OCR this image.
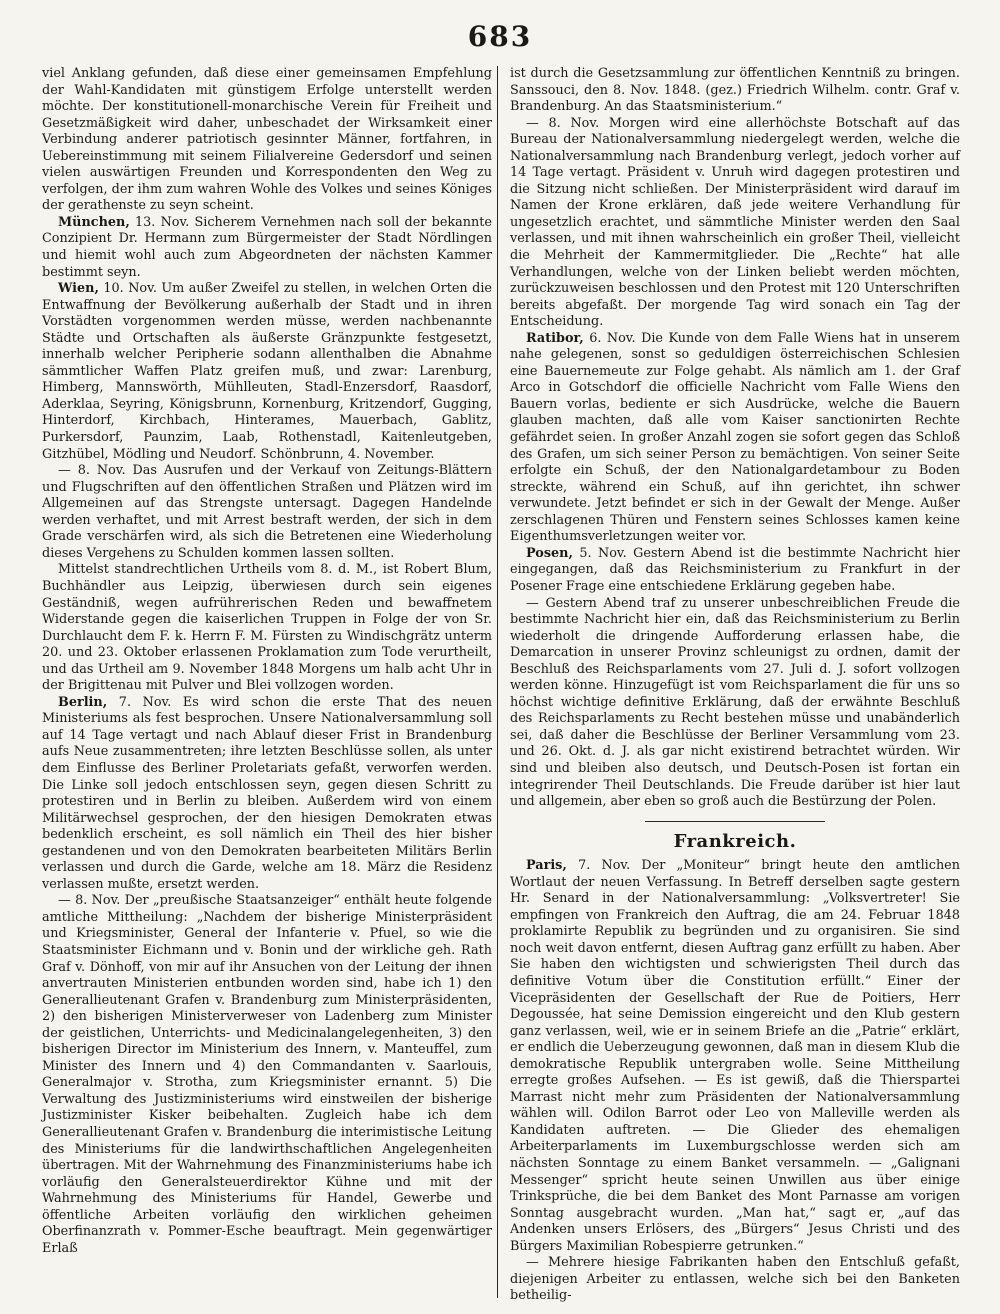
683

viel Anklang gefunden, daß diese einer gemeinsamen Empfehlung der Wahl-Kandidaten mit günstigem Erfolge unterstellt werden möchte. Der konstitutionell-monarchische Verein für Freiheit und Gesetzmäßigkeit wird daher, unbeschadet der Wirksamkeit einer Verbindung anderer patriotisch gesinnter Männer, fortfahren, in Uebereinstimmung mit seinem Filialvereine Gedersdorf und seinen vielen auswärtigen Freunden und Korrespondenten den Weg zu verfolgen, der ihm zum wahren Wohle des Volkes und seines Königes der gerathenste zu seyn scheint.

München, 13. Nov. Sicherem Vernehmen nach soll der bekannte Conzipient Dr. Hermann zum Bürgermeister der Stadt Nördlingen und hiemit wohl auch zum Abgeordneten der nächsten Kammer bestimmt seyn.

Wien, 10. Nov. Um außer Zweifel zu stellen, in welchen Orten die Entwaffnung der Bevölkerung außerhalb der Stadt und in ihren Vorstädten vorgenommen werden müsse, werden nachbenannte Städte und Ortschaften als äußerste Gränzpunkte festgesetzt, innerhalb welcher Peripherie sodann allenthalben die Abnahme sämmtlicher Waffen Platz greifen muß, und zwar: Larenburg, Himberg, Mannswörth, Mühlleuten, Stadl-Enzersdorf, Raasdorf, Aderklaa, Seyring, Königsbrunn, Kornenburg, Kritzendorf, Gugging, Hinterdorf, Kirchbach, Hinterames, Mauerbach, Gablitz, Purkersdorf, Paunzim, Laab, Rothenstadl, Kaitenleutgeben, Gitzhübel, Mödling und Neudorf. Schönbrunn, 4. November.

— 8. Nov. Das Ausrufen und der Verkauf von Zeitungs-Blättern und Flugschriften auf den öffentlichen Straßen und Plätzen wird im Allgemeinen auf das Strengste untersagt. Dagegen Handelnde werden verhaftet, und mit Arrest bestraft werden, der sich in dem Grade verschärfen wird, als sich die Betretenen eine Wiederholung dieses Vergehens zu Schulden kommen lassen sollten.

Mittelst standrechtlichen Urtheils vom 8. d. M., ist Robert Blum, Buchhändler aus Leipzig, überwiesen durch sein eigenes Geständniß, wegen aufrührerischen Reden und bewaffnetem Widerstande gegen die kaiserlichen Truppen in Folge der von Sr. Durchlaucht dem F. k. Herrn F. M. Fürsten zu Windischgrätz unterm 20. und 23. Oktober erlassenen Proklamation zum Tode verurtheilt, und das Urtheil am 9. November 1848 Morgens um halb acht Uhr in der Brigittenau mit Pulver und Blei vollzogen worden.

Berlin, 7. Nov. Es wird schon die erste That des neuen Ministeriums als fest besprochen. Unsere Nationalversammlung soll auf 14 Tage vertagt und nach Ablauf dieser Frist in Brandenburg aufs Neue zusammentreten; ihre letzten Beschlüsse sollen, als unter dem Einflusse des Berliner Proletariats gefaßt, verworfen werden. Die Linke soll jedoch entschlossen seyn, gegen diesen Schritt zu protestiren und in Berlin zu bleiben. Außerdem wird von einem Militärwechsel gesprochen, der den hiesigen Demokraten etwas bedenklich erscheint, es soll nämlich ein Theil des hier bisher gestandenen und von den Demokraten bearbeiteten Militärs Berlin verlassen und durch die Garde, welche am 18. März die Residenz verlassen mußte, ersetzt werden.

— 8. Nov. Der „preußische Staatsanzeiger“ enthält heute folgende amtliche Mittheilung: „Nachdem der bisherige Ministerpräsident und Kriegsminister, General der Infanterie v. Pfuel, so wie die Staatsminister Eichmann und v. Bonin und der wirkliche geh. Rath Graf v. Dönhoff, von mir auf ihr Ansuchen von der Leitung der ihnen anvertrauten Ministerien entbunden worden sind, habe ich 1) den Generallieutenant Grafen v. Brandenburg zum Ministerpräsidenten, 2) den bisherigen Ministerverweser von Ladenberg zum Minister der geistlichen, Unterrichts- und Medicinalangelegenheiten, 3) den bisherigen Director im Ministerium des Innern, v. Manteuffel, zum Minister des Innern und 4) den Commandanten v. Saarlouis, Generalmajor v. Strotha, zum Kriegsminister ernannt. 5) Die Verwaltung des Justizministeriums wird einstweilen der bisherige Justizminister Kisker beibehalten. Zugleich habe ich dem Generallieutenant Grafen v. Brandenburg die interimistische Leitung des Ministeriums für die landwirthschaftlichen Angelegenheiten übertragen. Mit der Wahrnehmung des Finanzministeriums habe ich vorläufig den Generalsteuerdirektor Kühne und mit der Wahrnehmung des Ministeriums für Handel, Gewerbe und öffentliche Arbeiten vorläufig den wirklichen geheimen Oberfinanzrath v. Pommer-Esche beauftragt. Mein gegenwärtiger Erlaß

ist durch die Gesetzsammlung zur öffentlichen Kenntniß zu bringen. Sanssouci, den 8. Nov. 1848. (gez.) Friedrich Wilhelm. contr. Graf v. Brandenburg. An das Staatsministerium.“

— 8. Nov. Morgen wird eine allerhöchste Botschaft auf das Bureau der Nationalversammlung niedergelegt werden, welche die Nationalversammlung nach Brandenburg verlegt, jedoch vorher auf 14 Tage vertagt. Präsident v. Unruh wird dagegen protestiren und die Sitzung nicht schließen. Der Ministerpräsident wird darauf im Namen der Krone erklären, daß jede weitere Verhandlung für ungesetzlich erachtet, und sämmtliche Minister werden den Saal verlassen, und mit ihnen wahrscheinlich ein großer Theil, vielleicht die Mehrheit der Kammermitglieder. Die „Rechte“ hat alle Verhandlungen, welche von der Linken beliebt werden möchten, zurückzuweisen beschlossen und den Protest mit 120 Unterschriften bereits abgefaßt. Der morgende Tag wird sonach ein Tag der Entscheidung.

Ratibor, 6. Nov. Die Kunde von dem Falle Wiens hat in unserem nahe gelegenen, sonst so geduldigen österreichischen Schlesien eine Bauernemeute zur Folge gehabt. Als nämlich am 1. der Graf Arco in Gotschdorf die officielle Nachricht vom Falle Wiens den Bauern vorlas, bediente er sich Ausdrücke, welche die Bauern glauben machten, daß alle vom Kaiser sanctionirten Rechte gefährdet seien. In großer Anzahl zogen sie sofort gegen das Schloß des Grafen, um sich seiner Person zu bemächtigen. Von seiner Seite erfolgte ein Schuß, der den Nationalgardetambour zu Boden streckte, während ein Schuß, auf ihn gerichtet, ihn schwer verwundete. Jetzt befindet er sich in der Gewalt der Menge. Außer zerschlagenen Thüren und Fenstern seines Schlosses kamen keine Eigenthumsverletzungen weiter vor.

Posen, 5. Nov. Gestern Abend ist die bestimmte Nachricht hier eingegangen, daß das Reichsministerium zu Frankfurt in der Posener Frage eine entschiedene Erklärung gegeben habe.

— Gestern Abend traf zu unserer unbeschreiblichen Freude die bestimmte Nachricht hier ein, daß das Reichsministerium zu Berlin wiederholt die dringende Aufforderung erlassen habe, die Demarcation in unserer Provinz schleunigst zu ordnen, damit der Beschluß des Reichsparlaments vom 27. Juli d. J. sofort vollzogen werden könne. Hinzugefügt ist vom Reichsparlament die für uns so höchst wichtige definitive Erklärung, daß der erwähnte Beschluß des Reichsparlaments zu Recht bestehen müsse und unabänderlich sei, daß daher die Beschlüsse der Berliner Versammlung vom 23. und 26. Okt. d. J. als gar nicht existirend betrachtet würden. Wir sind und bleiben also deutsch, und Deutsch-Posen ist fortan ein integrirender Theil Deutschlands. Die Freude darüber ist hier laut und allgemein, aber eben so groß auch die Bestürzung der Polen.

Frankreich.

Paris, 7. Nov. Der „Moniteur“ bringt heute den amtlichen Wortlaut der neuen Verfassung. In Betreff derselben sagte gestern Hr. Senard in der Nationalversammlung: „Volksvertreter! Sie empfingen von Frankreich den Auftrag, die am 24. Februar 1848 proklamirte Republik zu begründen und zu organisiren. Sie sind noch weit davon entfernt, diesen Auftrag ganz erfüllt zu haben. Aber Sie haben den wichtigsten und schwierigsten Theil durch das definitive Votum über die Constitution erfüllt.“ Einer der Vicepräsidenten der Gesellschaft der Rue de Poitiers, Herr Degoussée, hat seine Demission eingereicht und den Klub gestern ganz verlassen, weil, wie er in seinem Briefe an die „Patrie“ erklärt, er endlich die Ueberzeugung gewonnen, daß man in diesem Klub die demokratische Republik untergraben wolle. Seine Mittheilung erregte großes Aufsehen. — Es ist gewiß, daß die Thierspartei Marrast nicht mehr zum Präsidenten der Nationalversammlung wählen will. Odilon Barrot oder Leo von Malleville werden als Kandidaten auftreten. — Die Glieder des ehemaligen Arbeiterparlaments im Luxemburgschlosse werden sich am nächsten Sonntage zu einem Banket versammeln. — „Galignani Messenger“ spricht heute seinen Unwillen aus über einige Trinksprüche, die bei dem Banket des Mont Parnasse am vorigen Sonntag ausgebracht wurden. „Man hat,“ sagt er, „auf das Andenken unsers Erlösers, des „Bürgers“ Jesus Christi und des Bürgers Maximilian Robespierre getrunken.“

— Mehrere hiesige Fabrikanten haben den Entschluß gefaßt, diejenigen Arbeiter zu entlassen, welche sich bei den Banketen betheilig-
